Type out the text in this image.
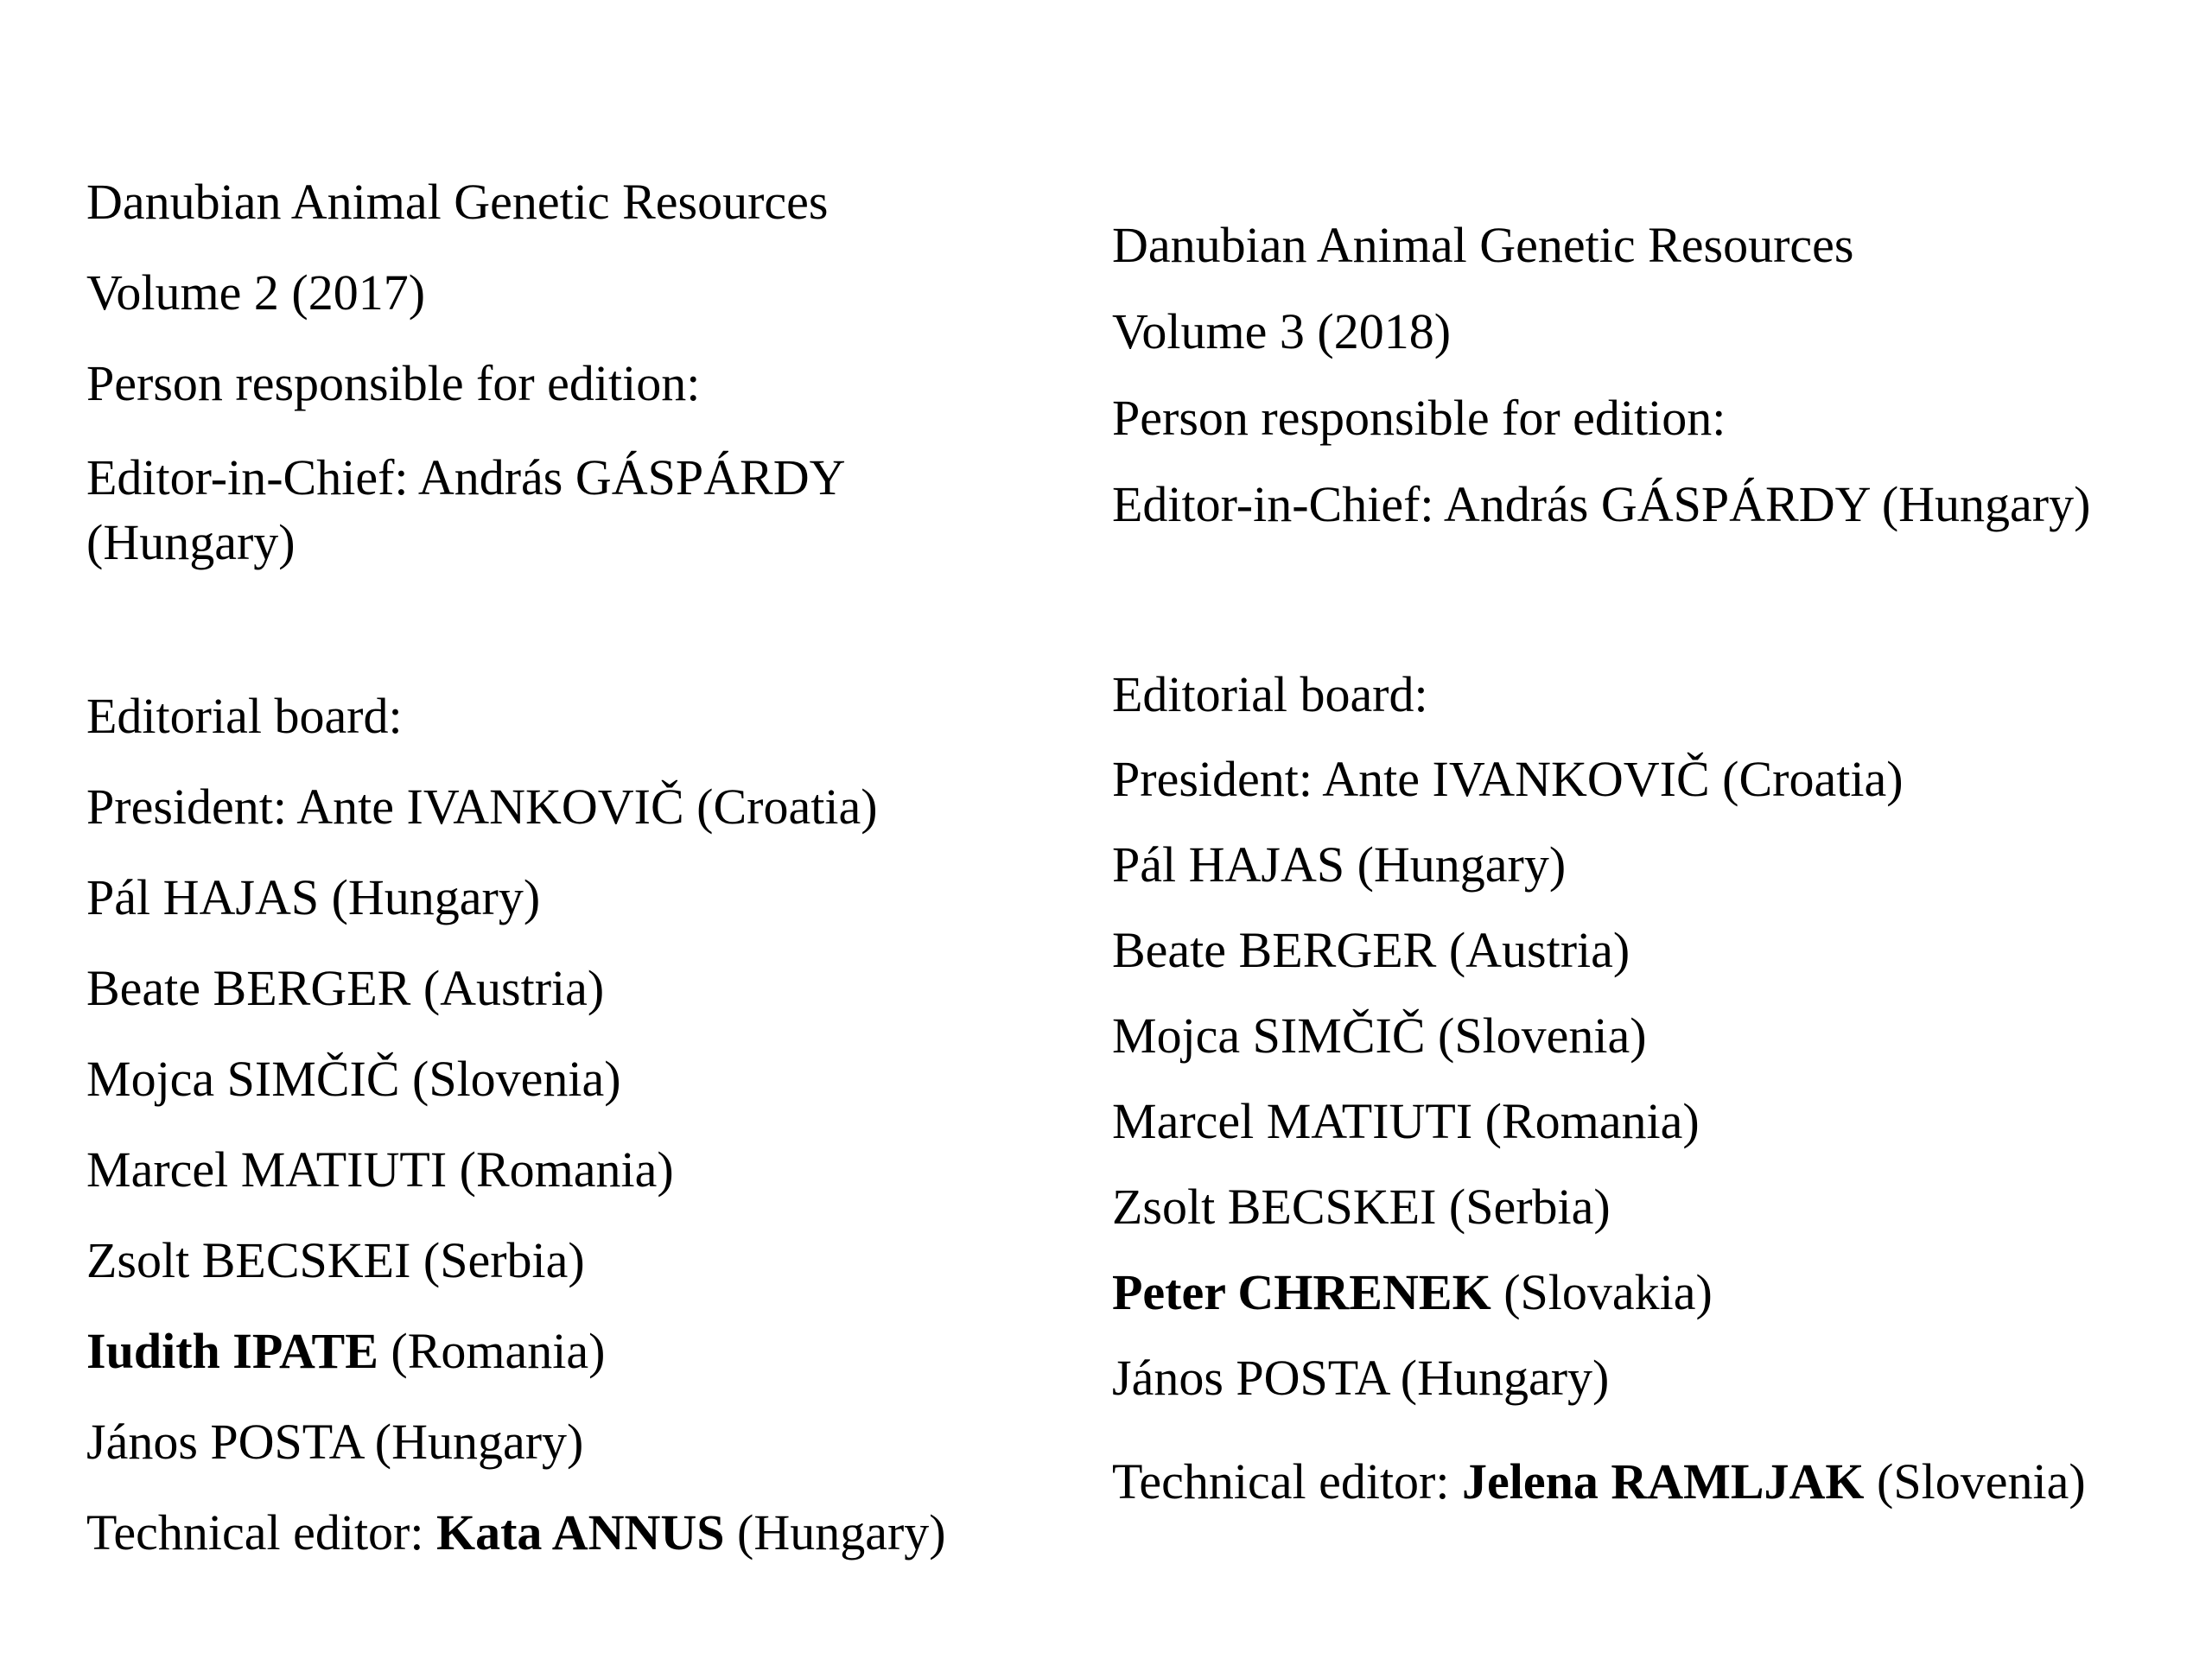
Danubian Animal Genetic Resources
Volume 2 (2017)
Person responsible for edition:
Editor-in-Chief: András GÁSPÁRDY (Hungary)
Editorial board:
President: Ante IVANKOVIČ (Croatia)
Pál HAJAS (Hungary)
Beate BERGER (Austria)
Mojca SIMČIČ (Slovenia)
Marcel MATIUTI (Romania)
Zsolt BECSKEI (Serbia)
Iudith IPATE (Romania)
János POSTA (Hungary)
Technical editor: Kata ANNUS (Hungary)
Danubian Animal Genetic Resources
Volume 3 (2018)
Person responsible for edition:
Editor-in-Chief: András GÁSPÁRDY (Hungary)
Editorial board:
President: Ante IVANKOVIČ (Croatia)
Pál HAJAS (Hungary)
Beate BERGER (Austria)
Mojca SIMČIČ (Slovenia)
Marcel MATIUTI (Romania)
Zsolt BECSKEI (Serbia)
Peter CHRENEK (Slovakia)
János POSTA (Hungary)
Technical editor: Jelena RAMLJAK (Slovenia)
